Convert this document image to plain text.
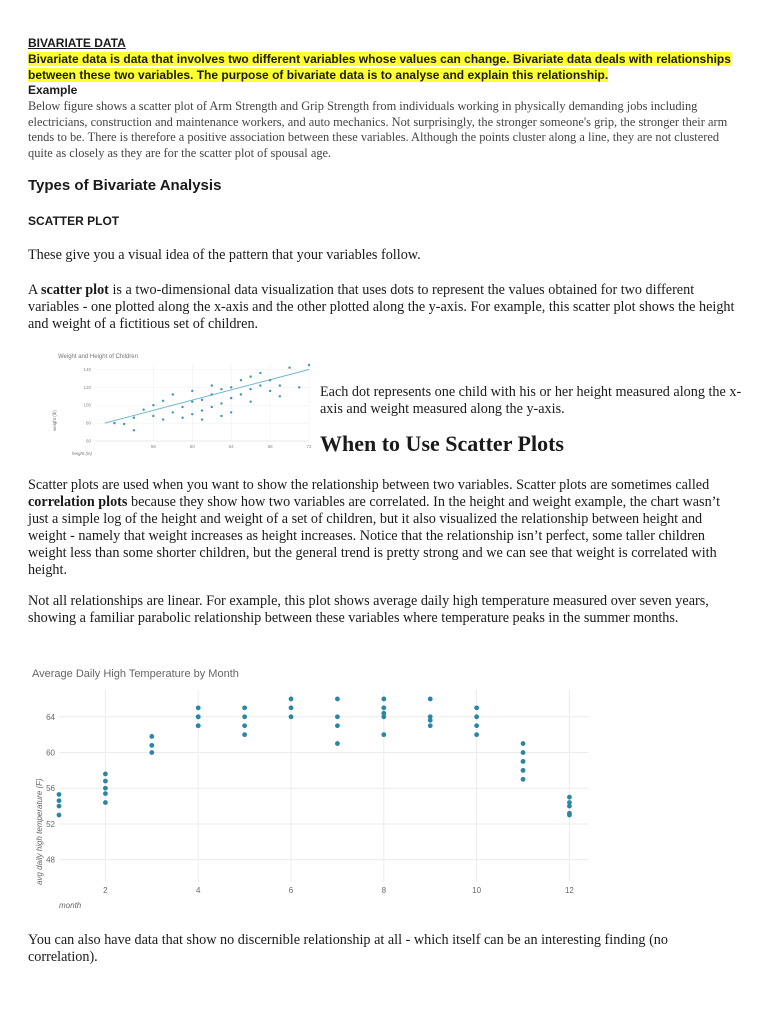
BIVARIATE DATA
Bivariate data is data that involves two different variables whose values can change. Bivariate data deals with relationships between these two variables. The purpose of bivariate data is to analyse and explain this relationship.
Example
Below figure shows a scatter plot of Arm Strength and Grip Strength from individuals working in physically demanding jobs including electricians, construction and maintenance workers, and auto mechanics. Not surprisingly, the stronger someone's grip, the stronger their arm tends to be. There is therefore a positive association between these variables. Although the points cluster along a line, they are not clustered quite as closely as they are for the scatter plot of spousal age.
Types of Bivariate Analysis
SCATTER PLOT
These give you a visual idea of the pattern that your variables follow.
A scatter plot is a two-dimensional data visualization that uses dots to represent the values obtained for two different variables - one plotted along the x-axis and the other plotted along the y-axis. For example, this scatter plot shows the height and weight of a fictitious set of children.
Weight and Height of Children
60
80
100
120
140
56	60	64	68	72
weight (lb)
height (in)
Each dot represents one child with his or her height measured along the x-axis and weight measured along the y-axis.
When to Use Scatter Plots
Scatter plots are used when you want to show the relationship between two variables. Scatter plots are sometimes called correlation plots because they show how two variables are correlated. In the height and weight example, the chart wasn’t just a simple log of the height and weight of a set of children, but it also visualized the relationship between height and weight - namely that weight increases as height increases. Notice that the relationship isn’t perfect, some taller children weight less than some shorter children, but the general trend is pretty strong and we can see that weight is correlated with height.
Not all relationships are linear. For example, this plot shows average daily high temperature measured over seven years, showing a familiar parabolic relationship between these variables where temperature peaks in the summer months.
Average Daily High Temperature by Month
48
52
56
60
64
2	4	6	8	10	12
avg daily high temperature (F)
month
You can also have data that show no discernible relationship at all - which itself can be an interesting finding (no correlation).
